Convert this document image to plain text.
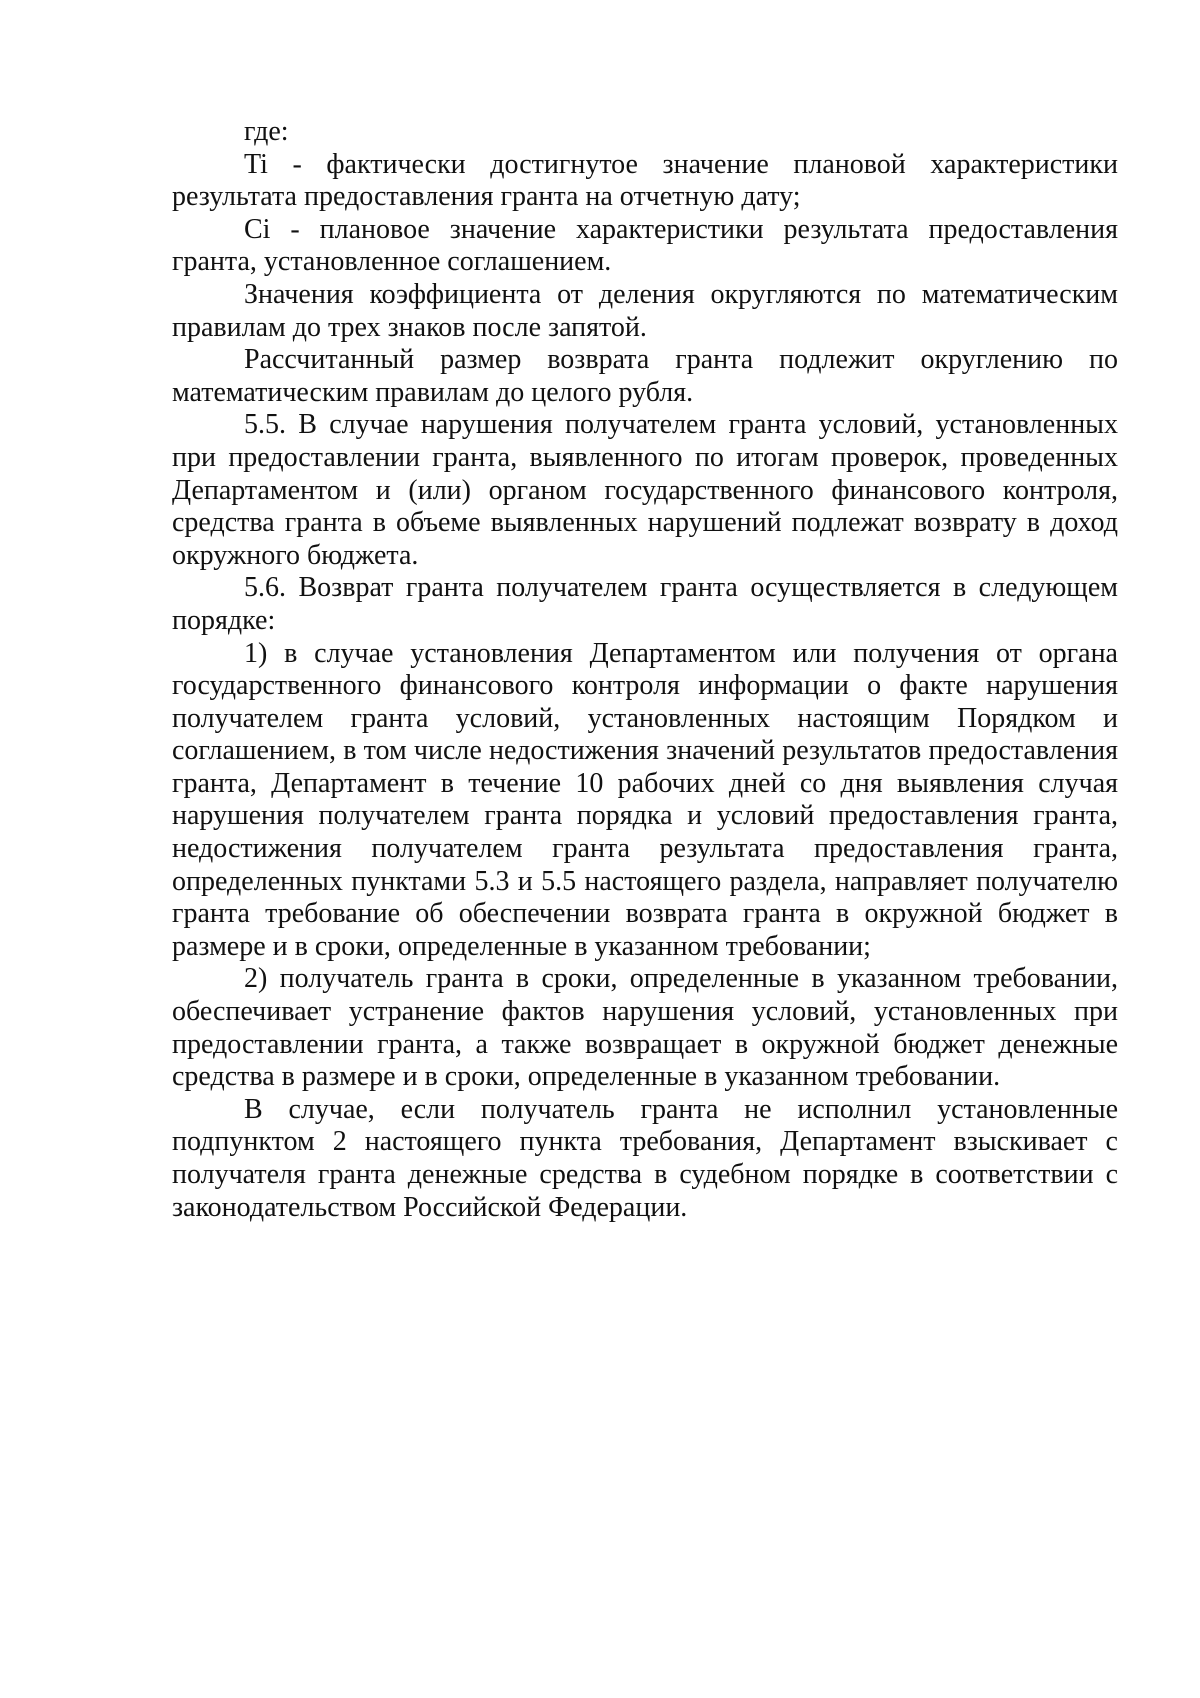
где:

Ti - фактически достигнутое значение плановой характеристики результата предоставления гранта на отчетную дату;

Ci - плановое значение характеристики результата предоставления гранта, установленное соглашением.

Значения коэффициента от деления округляются по математическим правилам до трех знаков после запятой.

Рассчитанный размер возврата гранта подлежит округлению по математическим правилам до целого рубля.

5.5. В случае нарушения получателем гранта условий, установленных при предоставлении гранта, выявленного по итогам проверок, проведенных Департаментом и (или) органом государственного финансового контроля, средства гранта в объеме выявленных нарушений подлежат возврату в доход окружного бюджета.

5.6. Возврат гранта получателем гранта осуществляется в следующем порядке:

1) в случае установления Департаментом или получения от органа государственного финансового контроля информации о факте нарушения получателем гранта условий, установленных настоящим Порядком и соглашением, в том числе недостижения значений результатов предоставления гранта, Департамент в течение 10 рабочих дней со дня выявления случая нарушения получателем гранта порядка и условий предоставления гранта, недостижения получателем гранта результата предоставления гранта, определенных пунктами 5.3 и 5.5 настоящего раздела, направляет получателю гранта требование об обеспечении возврата гранта в окружной бюджет в размере и в сроки, определенные в указанном требовании;

2) получатель гранта в сроки, определенные в указанном требовании, обеспечивает устранение фактов нарушения условий, установленных при предоставлении гранта, а также возвращает в окружной бюджет денежные средства в размере и в сроки, определенные в указанном требовании.

В случае, если получатель гранта не исполнил установленные подпунктом 2 настоящего пункта требования, Департамент взыскивает с получателя гранта денежные средства в судебном порядке в соответствии с законодательством Российской Федерации.
